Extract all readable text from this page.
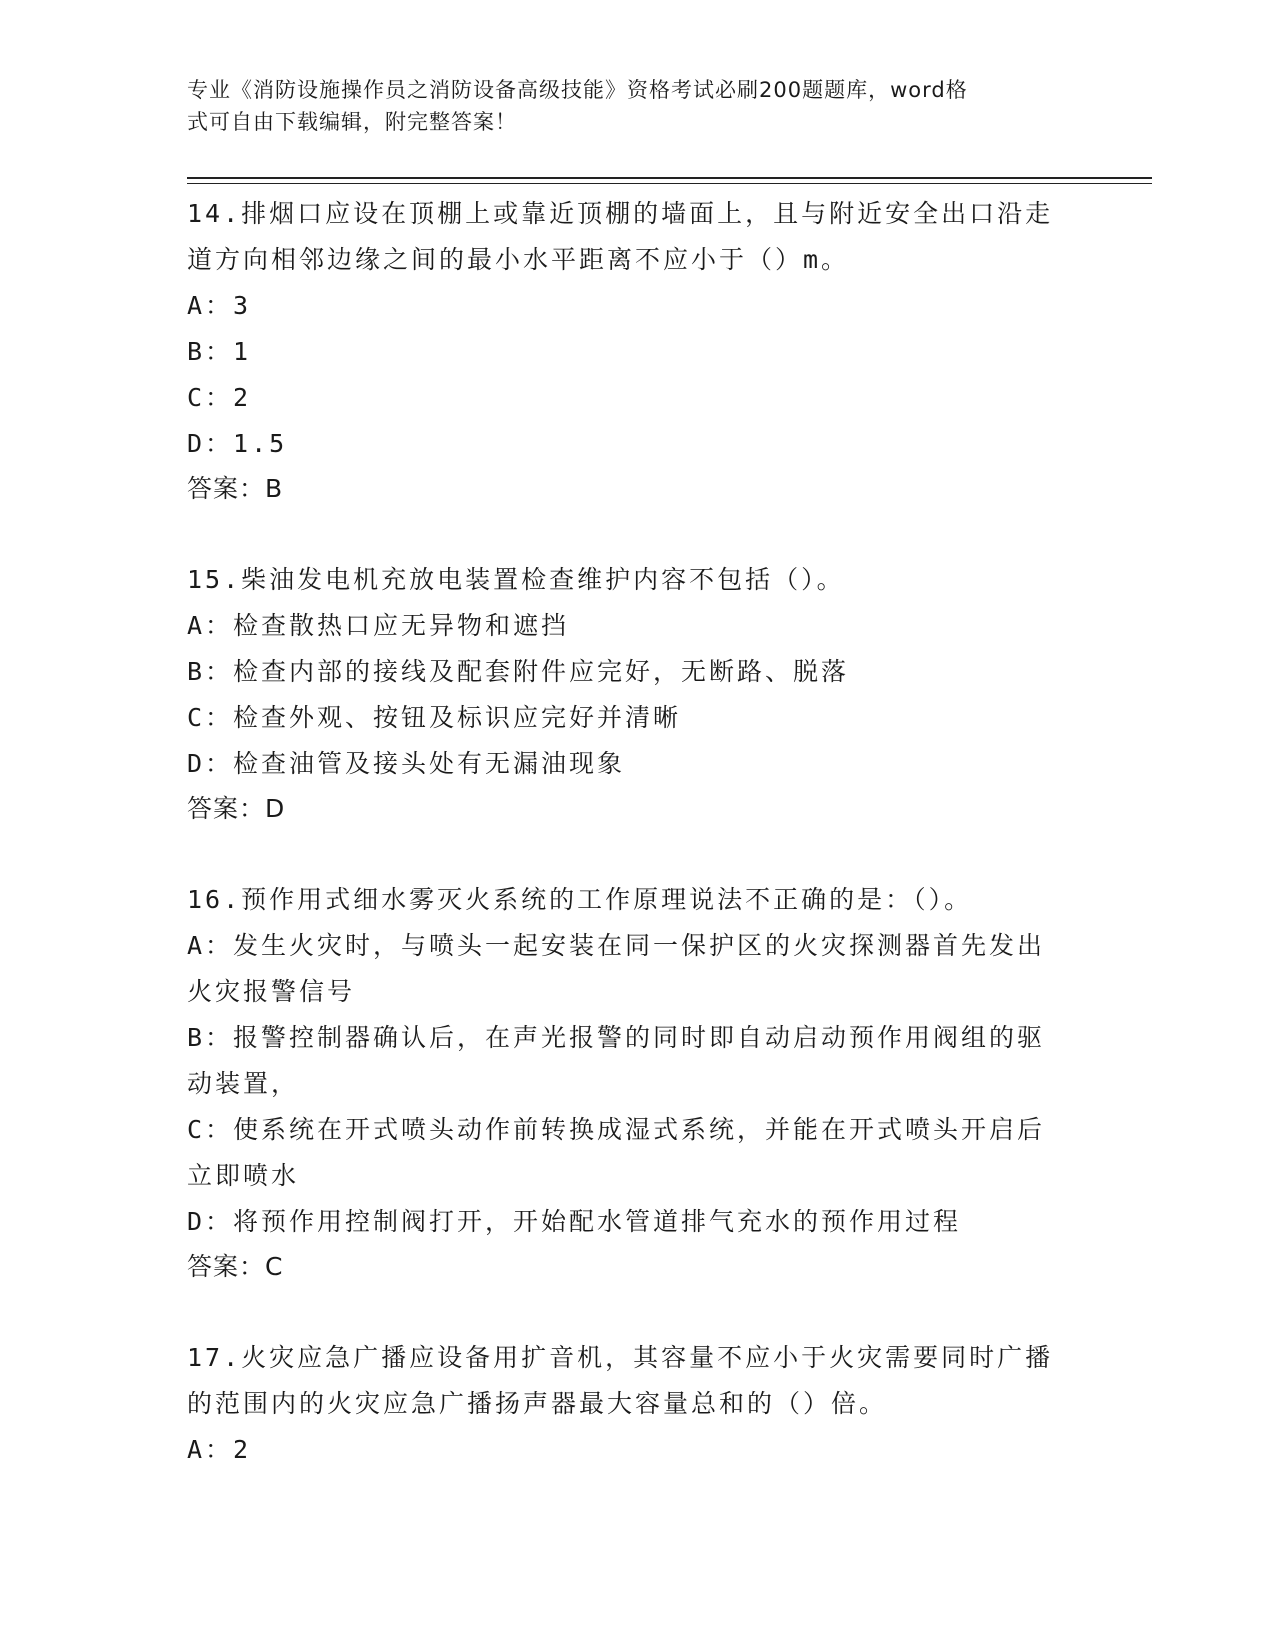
专业《消防设施操作员之消防设备高级技能》资格考试必刷200题题库，word格
式可自由下载编辑，附完整答案！
14.排烟口应设在顶棚上或靠近顶棚的墙面上，且与附近安全出口沿走
道方向相邻边缘之间的最小水平距离不应小于（）m。
A：3
B：1
C：2
D：1.5
答案：B
15.柴油发电机充放电装置检查维护内容不包括（）。
A：检查散热口应无异物和遮挡
B：检查内部的接线及配套附件应完好，无断路、脱落
C：检查外观、按钮及标识应完好并清晰
D：检查油管及接头处有无漏油现象
答案：D
16.预作用式细水雾灭火系统的工作原理说法不正确的是：（）。
A：发生火灾时，与喷头一起安装在同一保护区的火灾探测器首先发出
火灾报警信号
B：报警控制器确认后，在声光报警的同时即自动启动预作用阀组的驱
动装置，
C：使系统在开式喷头动作前转换成湿式系统，并能在开式喷头开启后
立即喷水
D：将预作用控制阀打开，开始配水管道排气充水的预作用过程
答案：C
17.火灾应急广播应设备用扩音机，其容量不应小于火灾需要同时广播
的范围内的火灾应急广播扬声器最大容量总和的（）倍。
A：2
